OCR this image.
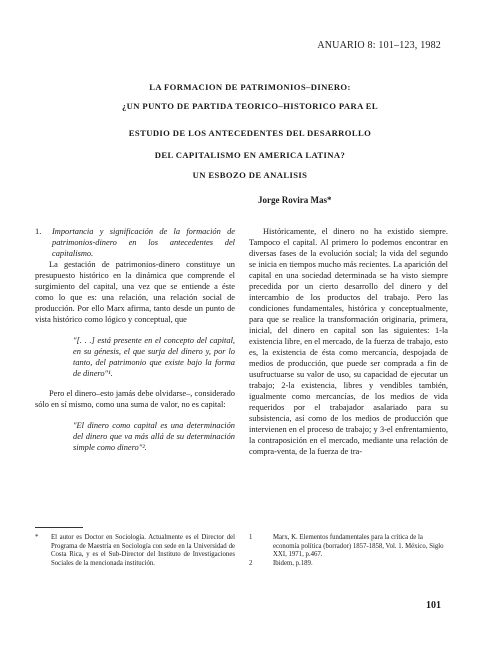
ANUARIO 8: 101–123, 1982
LA FORMACION DE PATRIMONIOS–DINERO:
¿UN PUNTO DE PARTIDA TEORICO–HISTORICO PARA EL
ESTUDIO DE LOS ANTECEDENTES DEL DESARROLLO
DEL CAPITALISMO EN AMERICA LATINA?
UN ESBOZO DE ANALISIS
Jorge Rovira Mas*
1.	Importancia y significación de la formación de patrimonios-dinero en los antecedentes del capitalismo.

La gestación de patrimonios-dinero constituye un presupuesto histórico en la dinámica que comprende el surgimiento del capital, una vez que se entiende a éste como lo que es: una relación, una relación social de producción. Por ello Marx afirma, tanto desde un punto de vista histórico como lógico y conceptual, que

"[. . .] está presente en el concepto del capital, en su génesis, el que surja del dinero y, por lo tanto, del patrimonio que existe bajo la forma de dinero"¹.

Pero el dinero–esto jamás debe olvidarse–, considerado sólo en sí mismo, como una suma de valor, no es capital:

"El dinero como capital es una determinación del dinero que va más allá de su determinación simple como dinero"².

Históricamente, el dinero no ha existido siempre. Tampoco el capital. Al primero lo podemos encontrar en diversas fases de la evolución social; la vida del segundo se inicia en tiempos mucho más recientes. La aparición del capital en una sociedad determinada se ha visto siempre precedida por un cierto desarrollo del dinero y del intercambio de los productos del trabajo. Pero las condiciones fundamentales, histórica y conceptualmente, para que se realice la transformación originaria, primera, inicial, del dinero en capital son las siguientes: 1-la existencia libre, en el mercado, de la fuerza de trabajo, esto es, la existencia de ésta como mercancía, despojada de medios de producción, que puede ser comprada a fin de usufructuarse su valor de uso, su capacidad de ejecutar un trabajo; 2-la existencia, libres y vendibles también, igualmente como mercancías, de los medios de vida requeridos por el trabajador asalariado para su subsistencia, así como de los medios de producción que intervienen en el proceso de trabajo; y 3-el enfrentamiento, la contraposición en el mercado, mediante una relación de compra-venta, de la fuerza de tra-

* El autor es Doctor en Sociología. Actualmente es el Director del Programa de Maestría en Sociología con sede en la Universidad de Costa Rica, y es el Sub-Director del Instituto de Investigaciones Sociales de la mencionada institución.
1	Marx, K. Elementos fundamentales para la crítica de la economía política (borrador) 1857-1858, Vol. 1. México, Siglo XXI, 1971, p.467.
2	Ibidem, p.189.
101
